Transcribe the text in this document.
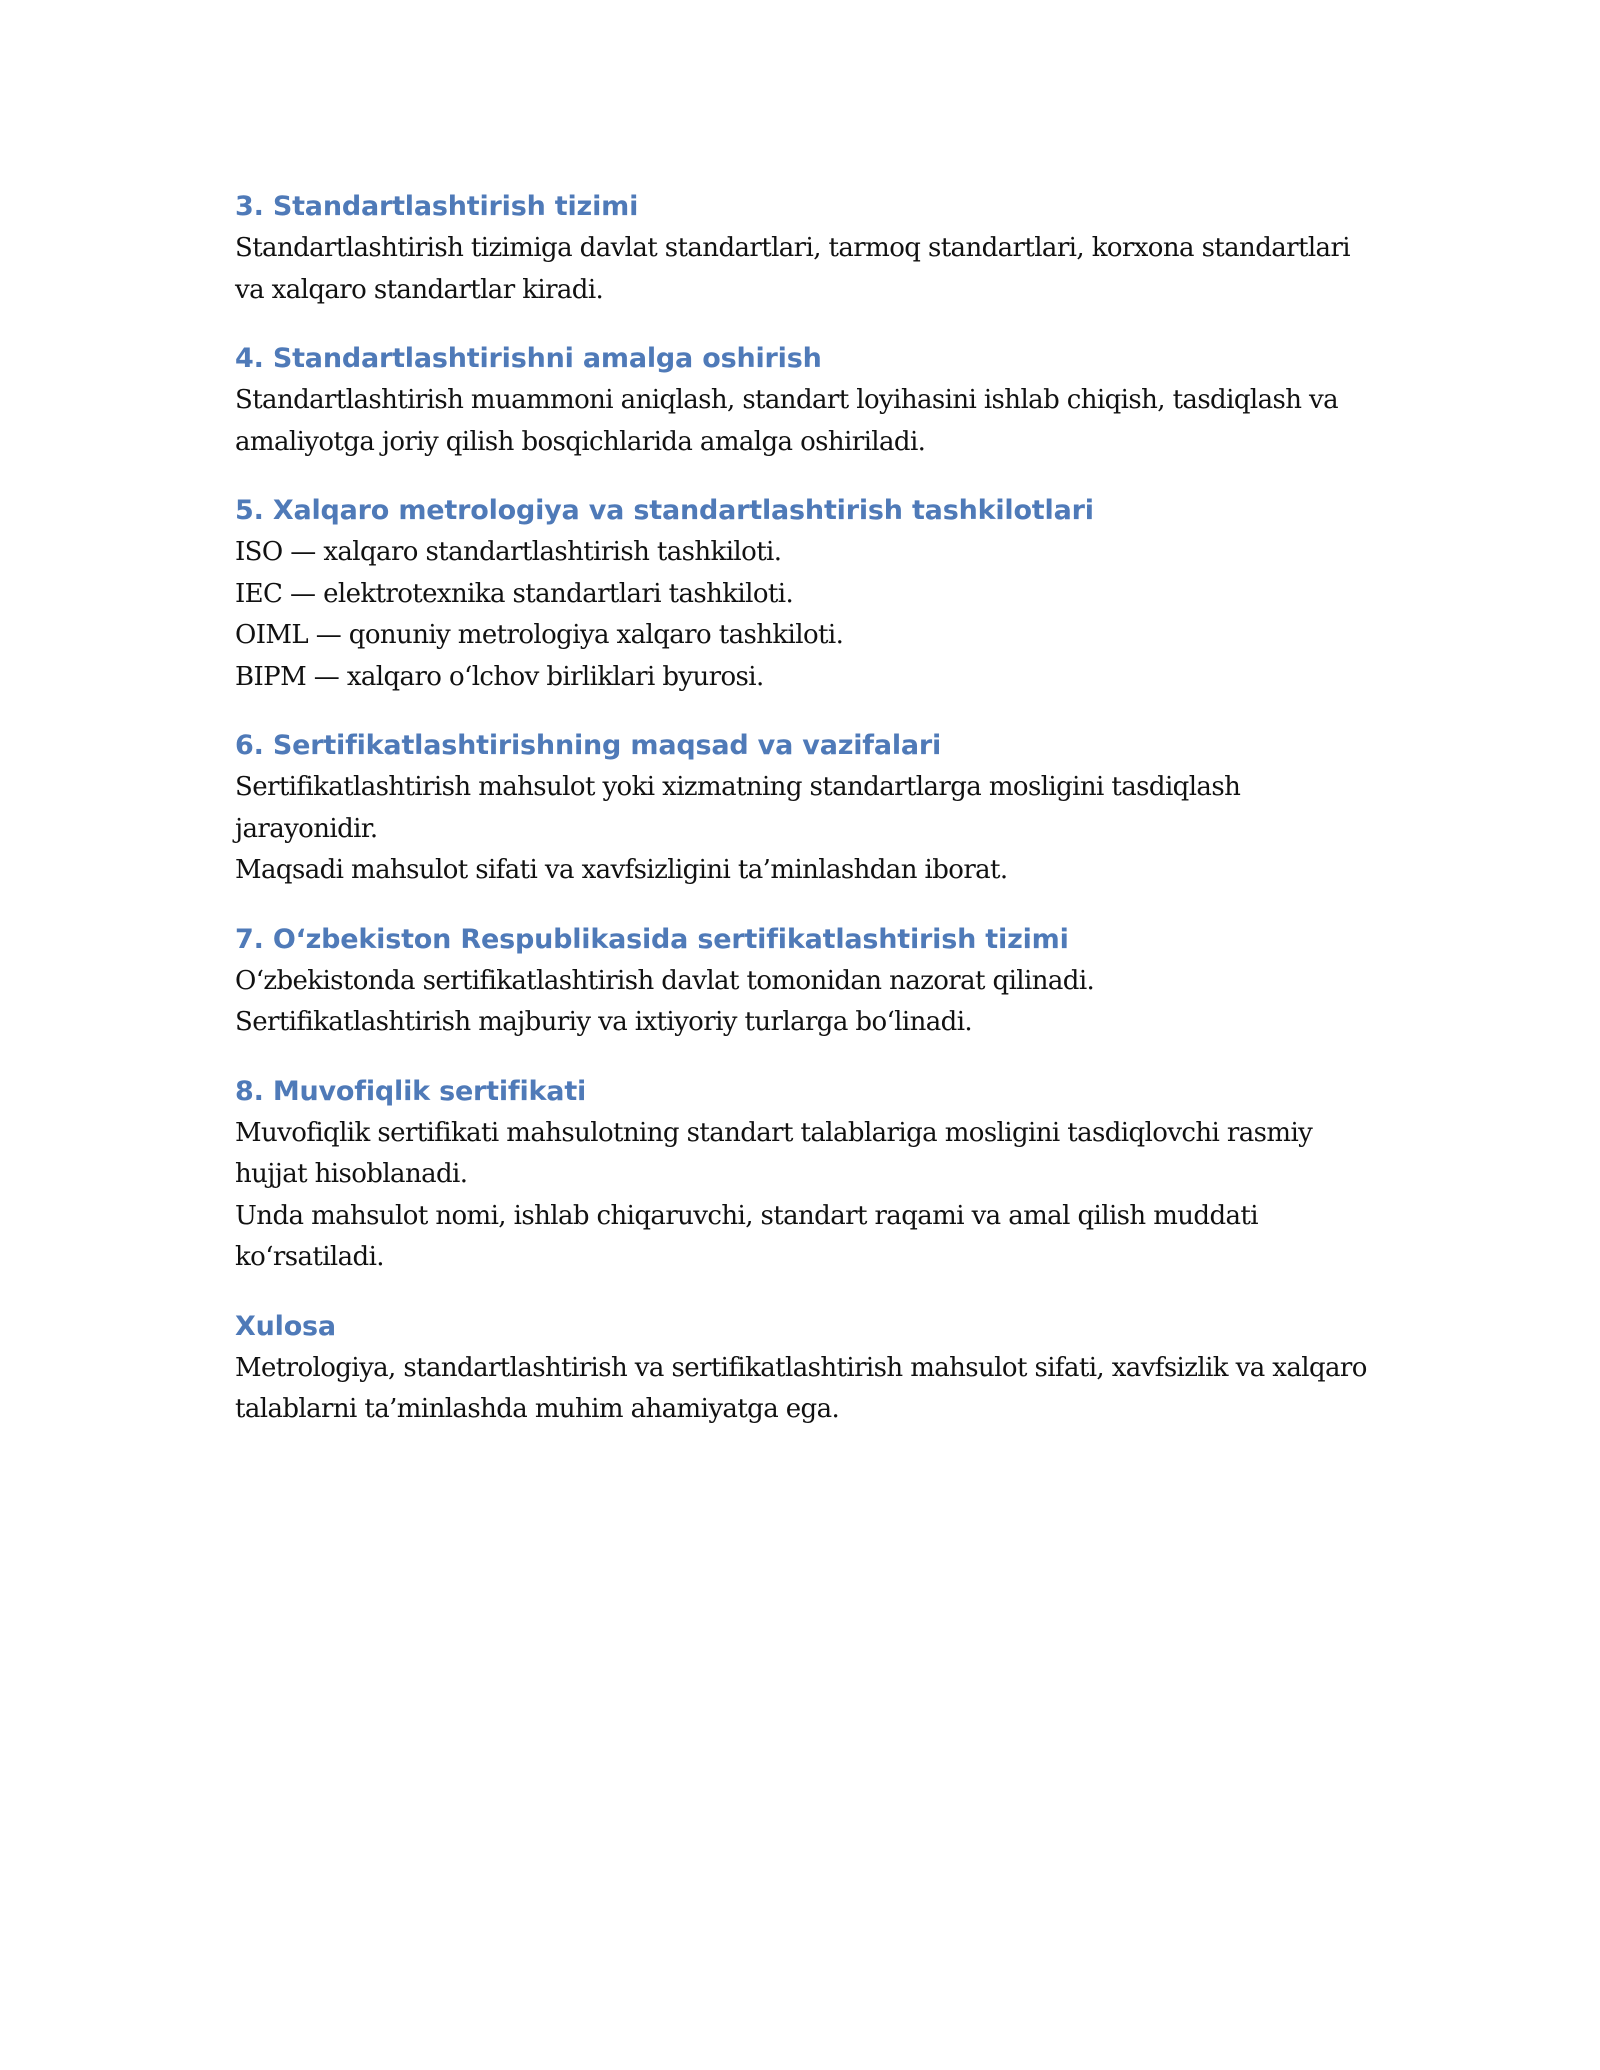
3. Standartlashtirish tizimi

Standartlashtirish tizimiga davlat standartlari, tarmoq standartlari, korxona standartlari va xalqaro standartlar kiradi.

4. Standartlashtirishni amalga oshirish

Standartlashtirish muammoni aniqlash, standart loyihasini ishlab chiqish, tasdiqlash va amaliyotga joriy qilish bosqichlarida amalga oshiriladi.

5. Xalqaro metrologiya va standartlashtirish tashkilotlari

ISO — xalqaro standartlashtirish tashkiloti.

IEC — elektrotexnika standartlari tashkiloti.

OIML — qonuniy metrologiya xalqaro tashkiloti.

BIPM — xalqaro oʻlchov birliklari byurosi.

6. Sertifikatlashtirishning maqsad va vazifalari

Sertifikatlashtirish mahsulot yoki xizmatning standartlarga mosligini tasdiqlash jarayonidir.

Maqsadi mahsulot sifati va xavfsizligini ta’minlashdan iborat.

7. Oʻzbekiston Respublikasida sertifikatlashtirish tizimi

Oʻzbekistonda sertifikatlashtirish davlat tomonidan nazorat qilinadi.

Sertifikatlashtirish majburiy va ixtiyoriy turlarga boʻlinadi.

8. Muvofiqlik sertifikati

Muvofiqlik sertifikati mahsulotning standart talablariga mosligini tasdiqlovchi rasmiy hujjat hisoblanadi.

Unda mahsulot nomi, ishlab chiqaruvchi, standart raqami va amal qilish muddati koʻrsatiladi.

Xulosa

Metrologiya, standartlashtirish va sertifikatlashtirish mahsulot sifati, xavfsizlik va xalqaro talablarni ta’minlashda muhim ahamiyatga ega.
